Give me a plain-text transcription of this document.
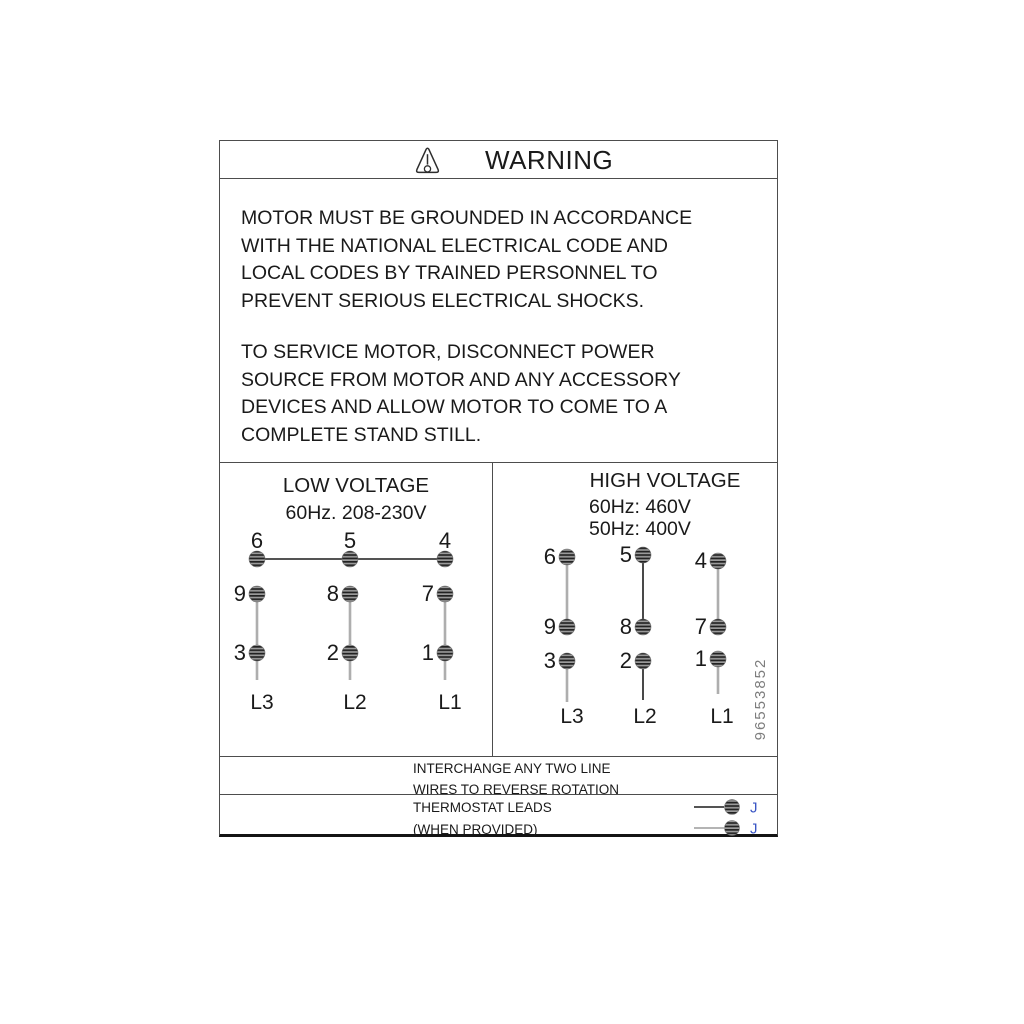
WARNING
MOTOR MUST BE GROUNDED IN ACCORDANCE
WITH THE NATIONAL ELECTRICAL CODE AND
LOCAL CODES BY TRAINED PERSONNEL TO
PREVENT SERIOUS ELECTRICAL SHOCKS.
TO SERVICE MOTOR, DISCONNECT POWER
SOURCE FROM MOTOR AND ANY ACCESSORY
DEVICES AND ALLOW MOTOR TO COME TO A
COMPLETE STAND STILL.
LOW VOLTAGE
60Hz. 208-230V
HIGH VOLTAGE
60Hz: 460V
50Hz: 400V
6
9
3
L3
5
8
2
L2
4
7
1
L1
6
9
3
L3
5
8
2
L2
4
7
1
L1 96553852
INTERCHANGE ANY TWO LINE
WIRES TO REVERSE ROTATION
THERMOSTAT LEADS
(WHEN PROVIDED)
J
J
